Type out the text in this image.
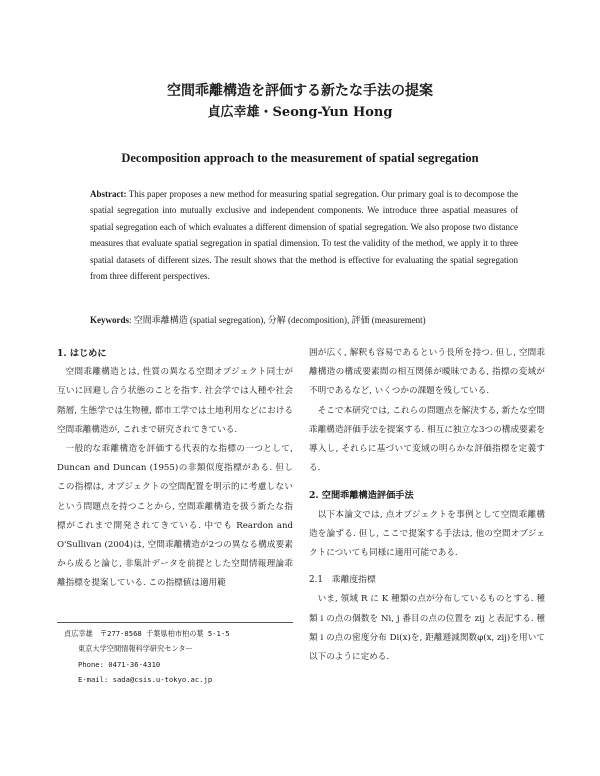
空間乖離構造を評価する新たな手法の提案
貞広幸雄・Seong-Yun Hong
Decomposition approach to the measurement of spatial segregation
Abstract: This paper proposes a new method for measuring spatial segregation. Our primary goal is to decompose the spatial segregation into mutually exclusive and independent components. We introduce three aspatial measures of spatial segregation each of which evaluates a different dimension of spatial segregation. We also propose two distance measures that evaluate spatial segregation in spatial dimension. To test the validity of the method, we apply it to three spatial datasets of different sizes. The result shows that the method is effective for evaluating the spatial segregation from three different perspectives.
Keywords: 空間乖離構造 (spatial segregation), 分解 (decomposition), 評価 (measurement)

1. はじめに

空間乖離構造とは, 性質の異なる空間オブジェクト同士が互いに回避し合う状態のことを指す. 社会学では人種や社会階層, 生態学では生物種, 都市工学では土地利用などにおける空間乖離構造が, これまで研究されてきている.

一般的な乖離構造を評価する代表的な指標の一つとして, Duncan and Duncan (1955)の非類似度指標がある. 但しこの指標は, オブジェクトの空間配置を明示的に考慮しないという問題点を持つことから, 空間乖離構造を扱う新たな指標がこれまで開発されてきている. 中でも Reardon and O'Sullivan (2004)は, 空間乖離構造が2つの異なる構成要素から成ると論じ, 非集計データを前提とした空間情報理論乖離指標を提案している. この指標値は適用範

囲が広く, 解釈も容易であるという長所を持つ. 但し, 空間乖離構造の構成要素間の相互関係が曖昧である, 指標の変域が不明であるなど, いくつかの課題を残している.

そこで本研究では, これらの問題点を解決する, 新たな空間乖離構造評価手法を提案する. 相互に独立な3つの構成要素を導入し, それらに基づいて変域の明らかな評価指標を定義する.

2. 空間乖離構造評価手法

以下本論文では, 点オブジェクトを事例として空間乖離構造を論ずる. 但し, ここで提案する手法は, 他の空間オブジェクトについても同様に適用可能である.

2.1　乖離度指標

いま, 領域 R に K 種類の点が分布しているものとする. 種類 i の点の個数を Ni, j 番目の点の位置を zij と表記する. 種類 i の点の密度分布 Di(x)を, 距離逓減関数φ(x, zij)を用いて以下のように定める.

貞広幸雄　〒277-8568 千葉県柏市柏の葉 5-1-5
東京大学空間情報科学研究センター
Phone: 0471-36-4310
E-mail: sada@csis.u-tokyo.ac.jp
